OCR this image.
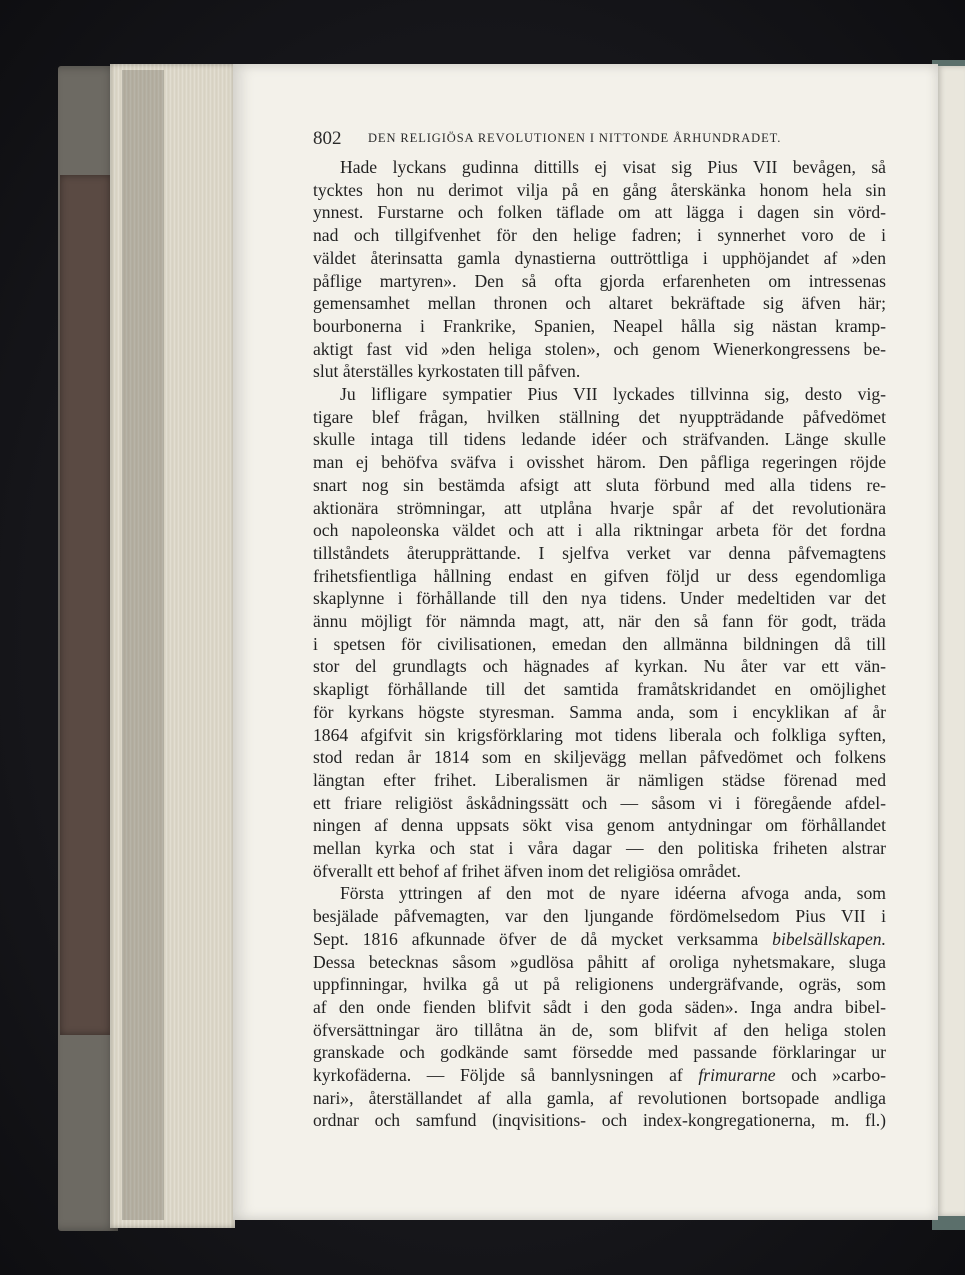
802 DEN RELIGIÖSA REVOLUTIONEN I NITTONDE ÅRHUNDRADET.
Hade lyckans gudinna dittills ej visat sig Pius VII bevågen, så
tycktes hon nu derimot vilja på en gång återskänka honom hela sin
ynnest. Furstarne och folken täflade om att lägga i dagen sin vörd-
nad och tillgifvenhet för den helige fadren; i synnerhet voro de i
väldet återinsatta gamla dynastierna outtröttliga i upphöjandet af »den
påflige martyren». Den så ofta gjorda erfarenheten om intressenas
gemensamhet mellan thronen och altaret bekräftade sig äfven här;
bourbonerna i Frankrike, Spanien, Neapel hålla sig nästan kramp-
aktigt fast vid »den heliga stolen», och genom Wienerkongressens be-
slut återställes kyrkostaten till påfven.
Ju lifligare sympatier Pius VII lyckades tillvinna sig, desto vig-
tigare blef frågan, hvilken ställning det nyuppträdande påfvedömet
skulle intaga till tidens ledande idéer och sträfvanden. Länge skulle
man ej behöfva sväfva i ovisshet härom. Den påfliga regeringen röjde
snart nog sin bestämda afsigt att sluta förbund med alla tidens re-
aktionära strömningar, att utplåna hvarje spår af det revolutionära
och napoleonska väldet och att i alla riktningar arbeta för det fordna
tillståndets återupprättande. I sjelfva verket var denna påfvemagtens
frihetsfientliga hållning endast en gifven följd ur dess egendomliga
skaplynne i förhållande till den nya tidens. Under medeltiden var det
ännu möjligt för nämnda magt, att, när den så fann för godt, träda
i spetsen för civilisationen, emedan den allmänna bildningen då till
stor del grundlagts och hägnades af kyrkan. Nu åter var ett vän-
skapligt förhållande till det samtida framåtskridandet en omöjlighet
för kyrkans högste styresman. Samma anda, som i encyklikan af år
1864 afgifvit sin krigsförklaring mot tidens liberala och folkliga syften,
stod redan år 1814 som en skiljevägg mellan påfvedömet och folkens
längtan efter frihet. Liberalismen är nämligen städse förenad med
ett friare religiöst åskådningssätt och — såsom vi i föregående afdel-
ningen af denna uppsats sökt visa genom antydningar om förhållandet
mellan kyrka och stat i våra dagar — den politiska friheten alstrar
öfverallt ett behof af frihet äfven inom det religiösa området.
Första yttringen af den mot de nyare idéerna afvoga anda, som
besjälade påfvemagten, var den ljungande fördömelsedom Pius VII i
Sept. 1816 afkunnade öfver de då mycket verksamma bibelsällskapen.
Dessa betecknas såsom »gudlösa påhitt af oroliga nyhetsmakare, sluga
uppfinningar, hvilka gå ut på religionens undergräfvande, ogräs, som
af den onde fienden blifvit sådt i den goda säden». Inga andra bibel-
öfversättningar äro tillåtna än de, som blifvit af den heliga stolen
granskade och godkände samt försedde med passande förklaringar ur
kyrkofäderna. — Följde så bannlysningen af frimurarne och »carbo-
nari», återställandet af alla gamla, af revolutionen bortsopade andliga
ordnar och samfund (inqvisitions- och index-kongregationerna, m. fl.)
